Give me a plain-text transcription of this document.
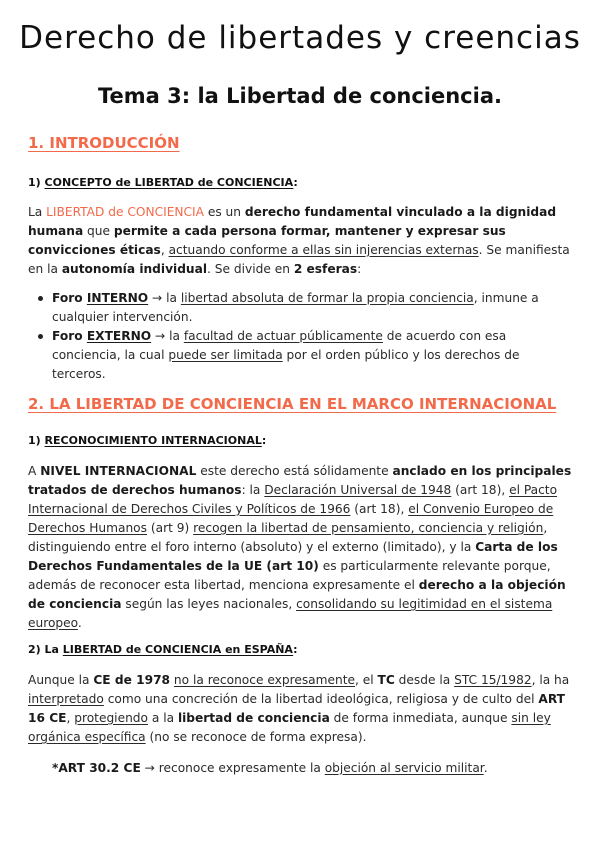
Derecho de libertades y creencias
Tema 3: la Libertad de conciencia.
1. INTRODUCCIÓN
1) CONCEPTO de LIBERTAD de CONCIENCIA:
La LIBERTAD de CONCIENCIA es un derecho fundamental vinculado a la dignidad humana que permite a cada persona formar, mantener y expresar sus convicciones éticas, actuando conforme a ellas sin injerencias externas. Se manifiesta en la autonomía individual. Se divide en 2 esferas:
Foro INTERNO → la libertad absoluta de formar la propia conciencia, inmune a cualquier intervención.
Foro EXTERNO → la facultad de actuar públicamente de acuerdo con esa conciencia, la cual puede ser limitada por el orden público y los derechos de terceros.
2. LA LIBERTAD DE CONCIENCIA EN EL MARCO INTERNACIONAL
1) RECONOCIMIENTO INTERNACIONAL:
A NIVEL INTERNACIONAL este derecho está sólidamente anclado en los principales tratados de derechos humanos: la Declaración Universal de 1948 (art 18), el Pacto Internacional de Derechos Civiles y Políticos de 1966 (art 18), el Convenio Europeo de Derechos Humanos (art 9) recogen la libertad de pensamiento, conciencia y religión, distinguiendo entre el foro interno (absoluto) y el externo (limitado), y la Carta de los Derechos Fundamentales de la UE (art 10) es particularmente relevante porque, además de reconocer esta libertad, menciona expresamente el derecho a la objeción de conciencia según las leyes nacionales, consolidando su legitimidad en el sistema europeo.
2) La LIBERTAD de CONCIENCIA en ESPAÑA:
Aunque la CE de 1978 no la reconoce expresamente, el TC desde la STC 15/1982, la ha interpretado como una concreción de la libertad ideológica, religiosa y de culto del ART 16 CE, protegiendo a la libertad de conciencia de forma inmediata, aunque sin ley orgánica específica (no se reconoce de forma expresa).
*ART 30.2 CE → reconoce expresamente la objeción al servicio militar.
